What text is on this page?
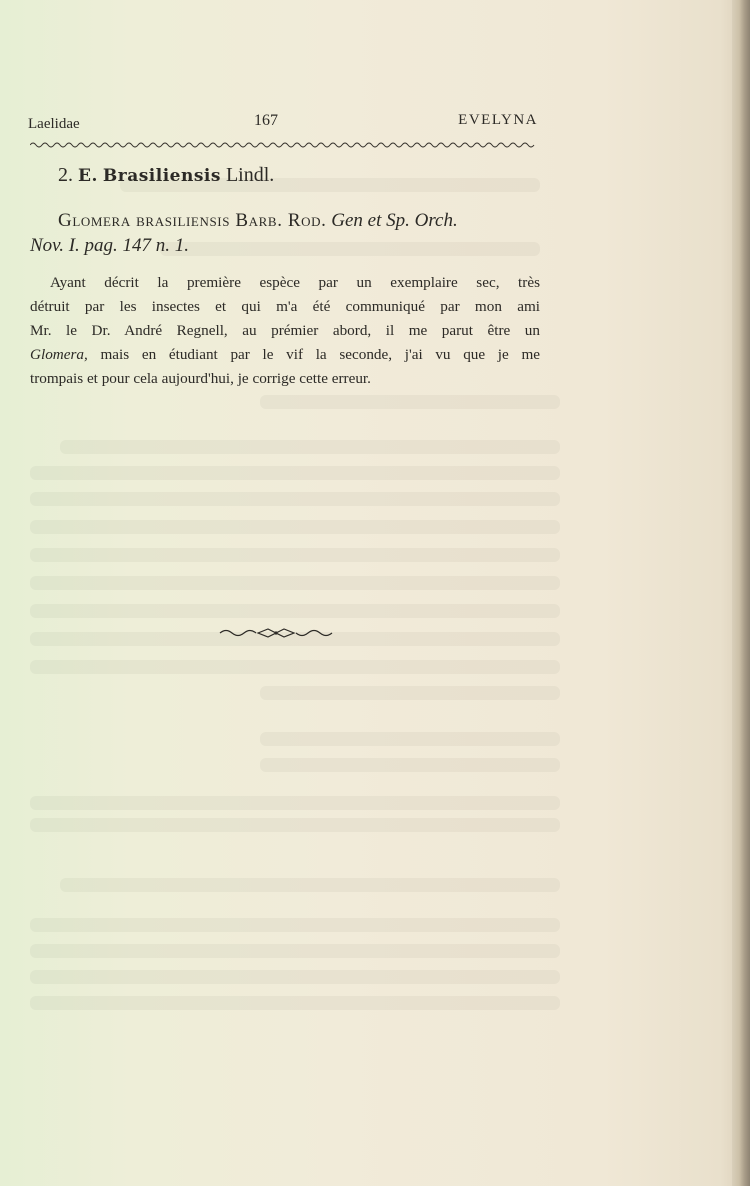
Laelidae	167	EVELYNA
2. E. Brasiliensis Lindl.
Glomera brasiliensis Barb. Rod. Gen et Sp. Orch.
Nov. I. pag. 147 n. 1.
Ayant décrit la première espèce par un exemplaire sec, très
détruit par les insectes et qui m'a été communiqué par mon ami
Mr. le Dr. André Regnell, au prémier abord, il me parut être un
Glomera, mais en étudiant par le vif la seconde, j'ai vu que je me
trompais et pour cela aujourd'hui, je corrige cette erreur.
